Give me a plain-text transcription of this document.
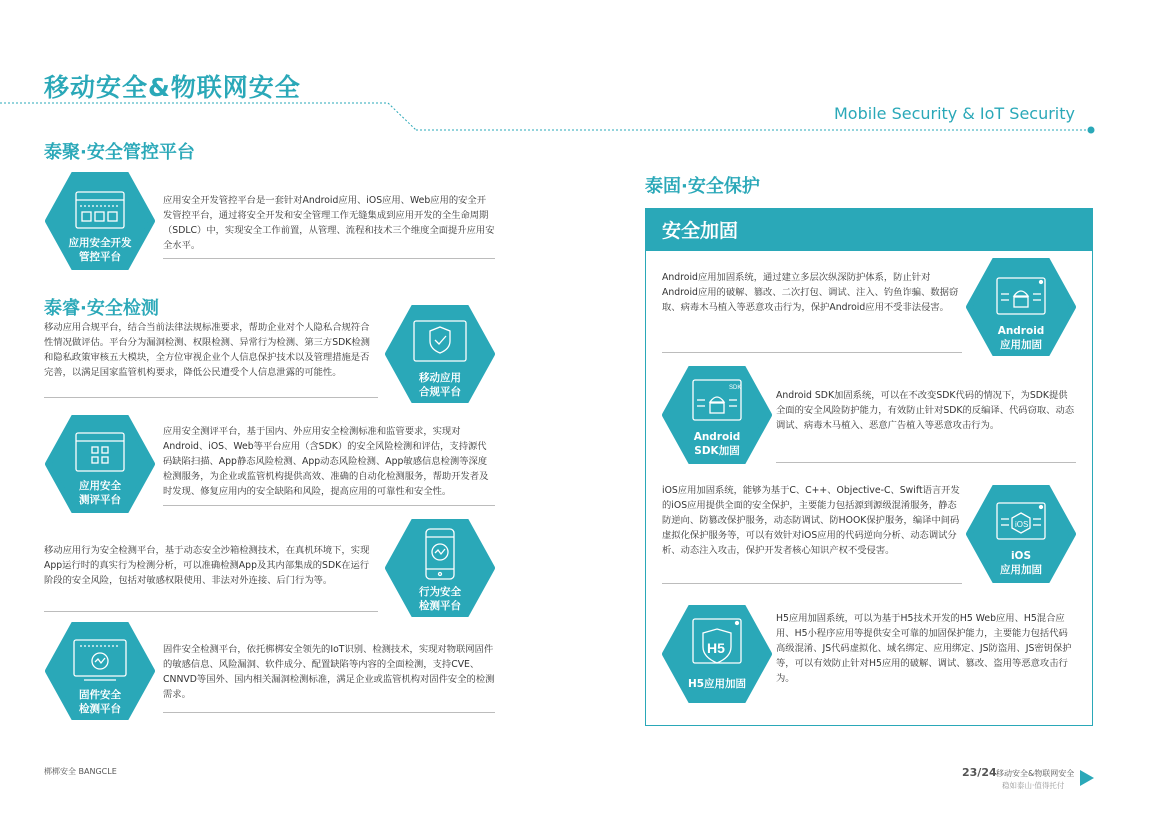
移动安全&物联网安全
Mobile Security & IoT Security
泰聚·安全管控平台
应用安全开发
管控平台
应用安全开发管控平台是一套针对Android应用、iOS应用、Web应用的安全开发管控平台，通过将安全开发和安全管理工作无缝集成到应用开发的全生命周期（SDLC）中，实现安全工作前置，从管理、流程和技术三个维度全面提升应用安全水平。
泰睿·安全检测
移动应用合规平台，结合当前法律法规标准要求，帮助企业对个人隐私合规符合性情况做评估。平台分为漏洞检测、权限检测、异常行为检测、第三方SDK检测和隐私政策审核五大模块，全方位审视企业个人信息保护技术以及管理措施是否完善，以满足国家监管机构要求，降低公民遭受个人信息泄露的可能性。	移动应用
合规平台
应用安全
测评平台
应用安全测评平台，基于国内、外应用安全检测标准和监管要求，实现对Android、iOS、Web等平台应用（含SDK）的安全风险检测和评估，支持源代码缺陷扫描、App静态风险检测、App动态风险检测、App敏感信息检测等深度检测服务，为企业或监管机构提供高效、准确的自动化检测服务，帮助开发者及时发现、修复应用内的安全缺陷和风险，提高应用的可靠性和安全性。
移动应用行为安全检测平台，基于动态安全沙箱检测技术，在真机环境下，实现App运行时的真实行为检测分析，可以准确检测App及其内部集成的SDK在运行阶段的安全风险，包括对敏感权限使用、非法对外连接、后门行为等。
行为安全
检测平台
固件安全
检测平台
固件安全检测平台，依托梆梆安全领先的IoT识别、检测技术，实现对物联网固件的敏感信息、风险漏洞、软件成分、配置缺陷等内容的全面检测，支持CVE、CNNVD等国外、国内相关漏洞检测标准，满足企业或监管机构对固件安全的检测需求。
泰固·安全保护
安全加固
Android应用加固系统，通过建立多层次纵深防护体系，防止针对Android应用的破解、篡改、二次打包、调试、注入、钓鱼诈骗、数据窃取、病毒木马植入等恶意攻击行为，保护Android应用不受非法侵害。
Android
应用加固
SDK
Android
SDK加固
Android SDK加固系统，可以在不改变SDK代码的情况下，为SDK提供全面的安全风险防护能力，有效防止针对SDK的反编译、代码窃取、动态调试、病毒木马植入、恶意广告植入等恶意攻击行为。
iOS应用加固系统，能够为基于C、C++、Objective-C、Swift语言开发的iOS应用提供全面的安全保护，主要能力包括源到源级混淆服务，静态防逆向、防篡改保护服务，动态防调试、防HOOK保护服务，编译中间码虚拟化保护服务等，可以有效针对iOS应用的代码逆向分析、动态调试分析、动态注入攻击，保护开发者核心知识产权不受侵害。
iOS
iOS
应用加固
H5
H5应用加固
H5应用加固系统，可以为基于H5技术开发的H5 Web应用、H5混合应用、H5小程序应用等提供安全可靠的加固保护能力，主要能力包括代码高级混淆、JS代码虚拟化、域名绑定、应用绑定、JS防盗用、JS密钥保护等，可以有效防止针对H5应用的破解、调试、篡改、盗用等恶意攻击行为。
梆梆安全 BANGCLE	23/24 移动安全&物联网安全
稳如泰山·值得托付
